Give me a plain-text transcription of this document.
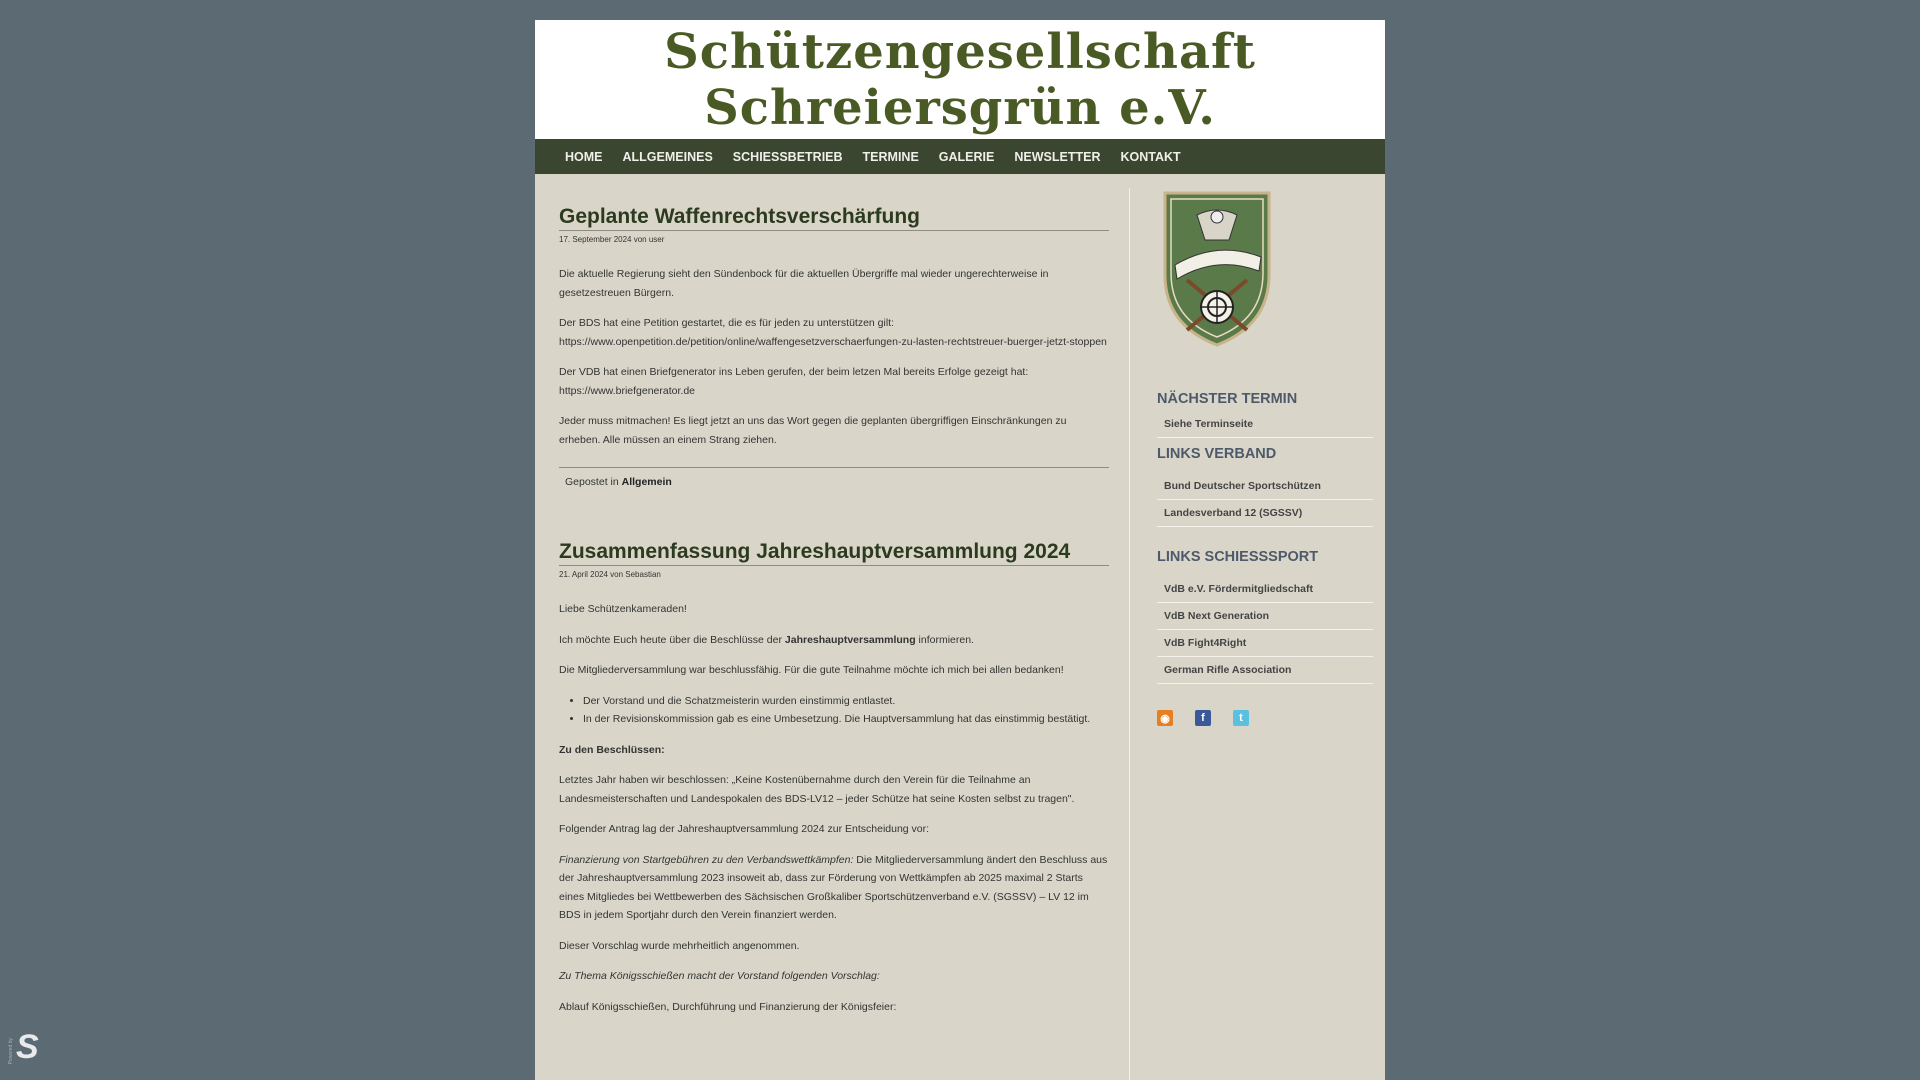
Schützengesellschaft
Schreiersgrün e.V.
HOME	ALLGEMEINES	SCHIESSBETRIEB	TERMINE	GALERIE	NEWSLETTER	KONTAKT
Geplante Waffenrechtsverschärfung
17. September 2024 von user

Die aktuelle Regierung sieht den Sündenbock für die aktuellen Übergriffe mal wieder ungerechterweise in gesetzestreuen Bürgern.

Der BDS hat eine Petition gestartet, die es für jeden zu unterstützen gilt: https://www.openpetition.de/petition/online/waffengesetzverschaerfungen-zu-lasten-rechtstreuer-buerger-jetzt-stoppen

Der VDB hat einen Briefgenerator ins Leben gerufen, der beim letzen Mal bereits Erfolge gezeigt hat: https://www.briefgenerator.de

Jeder muss mitmachen! Es liegt jetzt an uns das Wort gegen die geplanten übergriffigen Einschränkungen zu erheben. Alle müssen an einem Strang ziehen.

Gepostet in Allgemein
Zusammenfassung Jahreshauptversammlung 2024
21. April 2024 von Sebastian

Liebe Schützenkameraden!

Ich möchte Euch heute über die Beschlüsse der Jahreshauptversammlung informieren.

Die Mitgliederversammlung war beschlussfähig. Für die gute Teilnahme möchte ich mich bei allen bedanken!

• Der Vorstand und die Schatzmeisterin wurden einstimmig entlastet.
• In der Revisionskommission gab es eine Umbesetzung. Die Hauptversammlung hat das einstimmig bestätigt.

Zu den Beschlüssen:

Letztes Jahr haben wir beschlossen: „Keine Kostenübernahme durch den Verein für die Teilnahme an Landesmeisterschaften und Landespokalen des BDS-LV12 – jeder Schütze hat seine Kosten selbst zu tragen".

Folgender Antrag lag der Jahreshauptversammlung 2024 zur Entscheidung vor:

Finanzierung von Startgebühren zu den Verbandswettkämpfen: Die Mitgliederversammlung ändert den Beschluss aus der Jahreshauptversammlung 2023 insoweit ab, dass zur Förderung von Wettkämpfen ab 2025 maximal 2 Starts eines Mitgliedes bei Wettbewerben des Sächsischen Großkaliber Sportschützenverband e.V. (SGSSV) – LV 12 im BDS in jedem Sportjahr durch den Verein finanziert werden.

Dieser Vorschlag wurde mehrheitlich angenommen.

Zu Thema Königsschießen macht der Vorstand folgenden Vorschlag:

Ablauf Königsschießen, Durchführung und Finanzierung der Königsfeier:

NÄCHSTER TERMIN
Siehe Terminseite
LINKS VERBAND
Bund Deutscher Sportschützen
Landesverband 12 (SGSSV)
LINKS SCHIESSSPORT
VdB e.V. Fördermitgliedschaft
VdB Next Generation
VdB Fight4Right
German Rifle Association
◉	f	t
Powered by S
